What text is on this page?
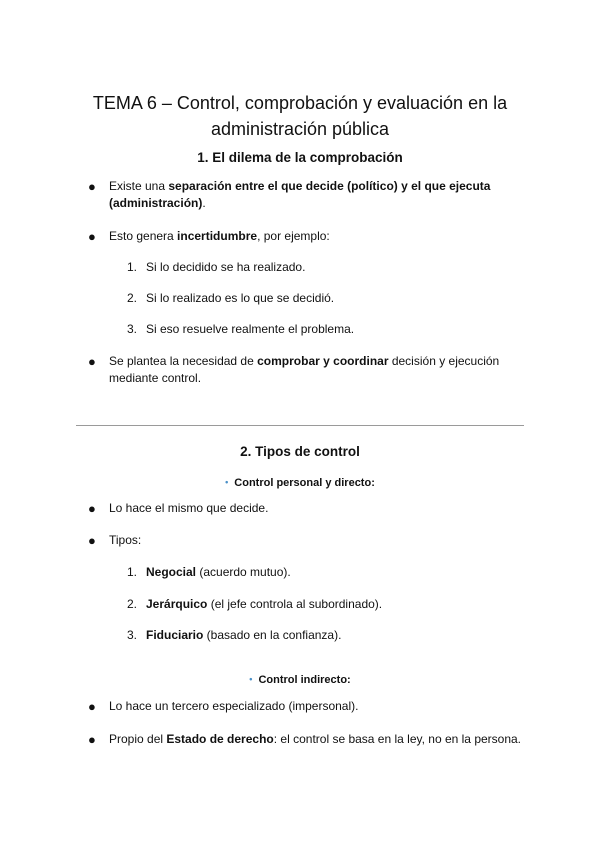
TEMA 6 – Control, comprobación y evaluación en la administración pública
1. El dilema de la comprobación
● Existe una separación entre el que decide (político) y el que ejecuta (administración).

● Esto genera incertidumbre, por ejemplo:

1. Si lo decidido se ha realizado.

2. Si lo realizado es lo que se decidió.

3. Si eso resuelve realmente el problema.

● Se plantea la necesidad de comprobar y coordinar decisión y ejecución mediante control.

2. Tipos de control

• Control personal y directo:

● Lo hace el mismo que decide.

● Tipos:

1. Negocial (acuerdo mutuo).

2. Jerárquico (el jefe controla al subordinado).

3. Fiduciario (basado en la confianza).

• Control indirecto:

● Lo hace un tercero especializado (impersonal).

● Propio del Estado de derecho: el control se basa en la ley, no en la persona.
